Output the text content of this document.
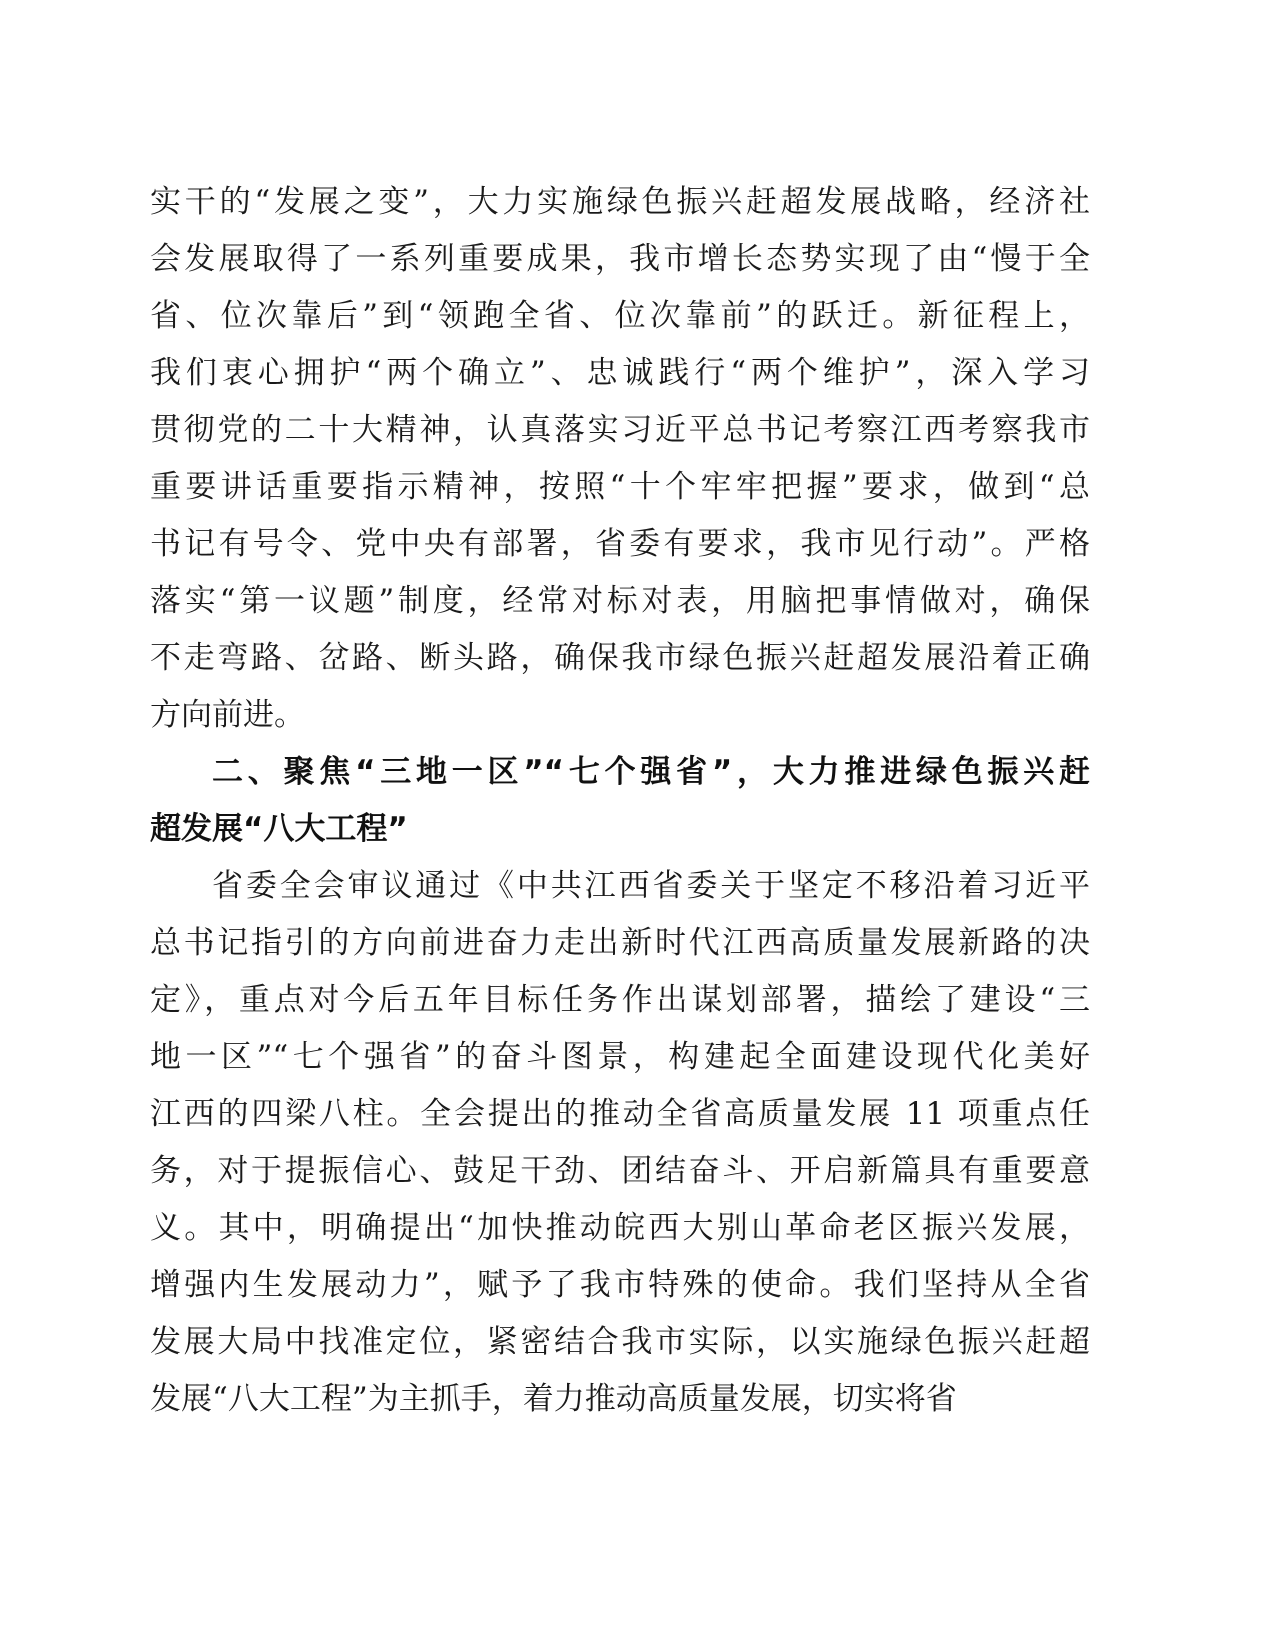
实干的“发展之变”，大力实施绿色振兴赶超发展战略，经济社
会发展取得了一系列重要成果，我市增长态势实现了由“慢于全
省、位次靠后”到“领跑全省、位次靠前”的跃迁。新征程上，
我们衷心拥护“两个确立”、忠诚践行“两个维护”，深入学习
贯彻党的二十大精神，认真落实习近平总书记考察江西考察我市
重要讲话重要指示精神，按照“十个牢牢把握”要求，做到“总
书记有号令、党中央有部署，省委有要求，我市见行动”。严格
落实“第一议题”制度，经常对标对表，用脑把事情做对，确保
不走弯路、岔路、断头路，确保我市绿色振兴赶超发展沿着正确
方向前进。
二、聚焦“三地一区”“七个强省”，大力推进绿色振兴赶
超发展“八大工程”
省委全会审议通过《中共江西省委关于坚定不移沿着习近平
总书记指引的方向前进奋力走出新时代江西高质量发展新路的决
定》，重点对今后五年目标任务作出谋划部署，描绘了建设“三
地一区”“七个强省”的奋斗图景，构建起全面建设现代化美好
江西的四梁八柱。全会提出的推动全省高质量发展 11 项重点任
务，对于提振信心、鼓足干劲、团结奋斗、开启新篇具有重要意
义。其中，明确提出“加快推动皖西大别山革命老区振兴发展，
增强内生发展动力”，赋予了我市特殊的使命。我们坚持从全省
发展大局中找准定位，紧密结合我市实际，以实施绿色振兴赶超
发展“八大工程”为主抓手，着力推动高质量发展，切实将省
